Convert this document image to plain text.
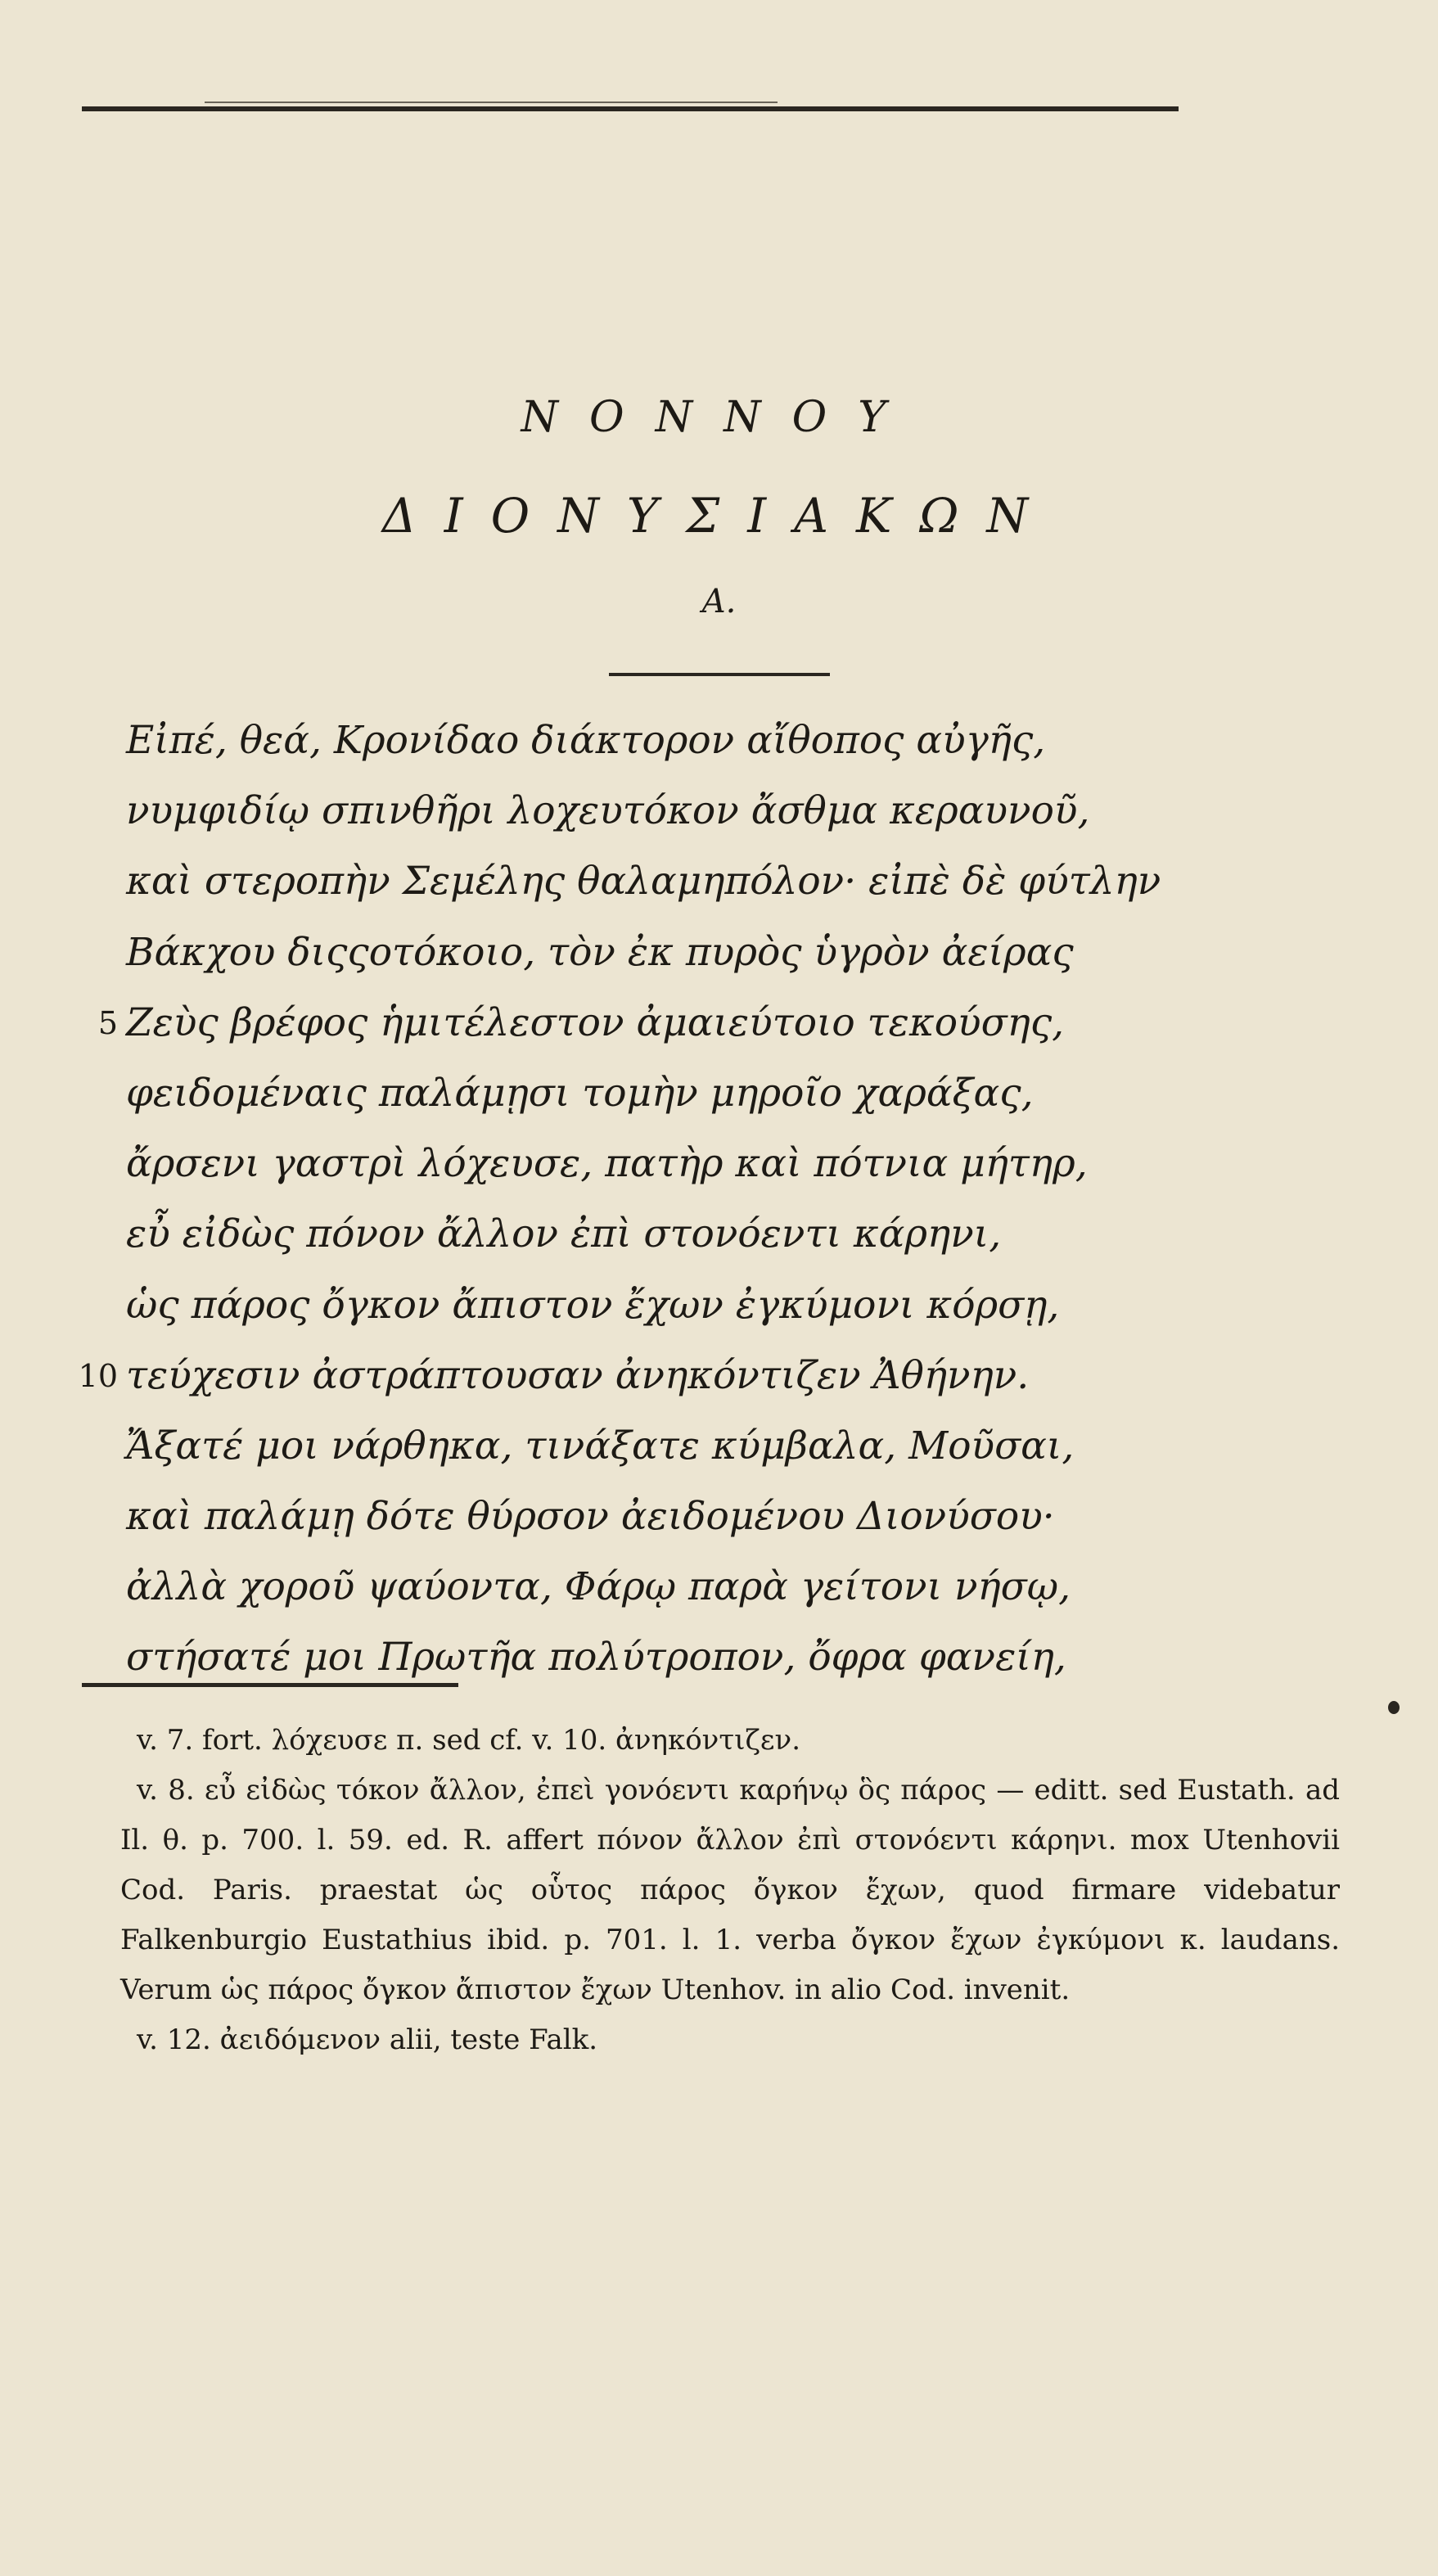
ΝΟΝΝΟΥ
ΔΙΟΝΥΣΙΑΚΩΝ
Α.
Εἰπέ, θεά, Κρονίδαο διάκτορον αἴθοπος αὐγῆς,
νυμφιδίῳ σπινθῆρι λοχευτόκον ἄσθμα κεραυνοῦ,
καὶ στεροπὴν Σεμέλης θαλαμηπόλον· εἰπὲ δὲ φύτλην
Βάκχου διςςοτόκοιο, τὸν ἐκ πυρὸς ὑγρὸν ἀείρας
5 Ζεὺς βρέφος ἡμιτέλεστον ἀμαιεύτοιο τεκούσης,
φειδομέναις παλάμῃσι τομὴν μηροῖο χαράξας,
ἄρσενι γαστρὶ λόχευσε, πατὴρ καὶ πότνια μήτηρ,
εὖ εἰδὼς πόνον ἄλλον ἐπὶ στονόεντι κάρηνι,
ὡς πάρος ὄγκον ἄπιστον ἔχων ἐγκύμονι κόρσῃ,
10 τεύχεσιν ἀστράπτουσαν ἀνηκόντιζεν Ἀθήνην.
Ἄξατέ μοι νάρθηκα, τινάξατε κύμβαλα, Μοῦσαι,
καὶ παλάμῃ δότε θύρσον ἀειδομένου Διονύσου·
ἀλλὰ χοροῦ ψαύοντα, Φάρῳ παρὰ γείτονι νήσῳ,
στήσατέ μοι Πρωτῆα πολύτροπον, ὄφρα φανείη,
v. 7. fort. λόχευσε π. sed cf. v. 10. ἀνηκόντιζεν.
v. 8. εὖ εἰδὼς τόκον ἄλλον, ἐπεὶ γονόεντι καρήνῳ ὃς πάρος — editt. sed Eustath. ad Il. θ. p. 700. l. 59. ed. R. affert πόνον ἄλλον ἐπὶ στονόεντι κάρηνι. mox Utenhovii Cod. Paris. praestat ὡς οὗτος πάρος ὄγκον ἔχων, quod firmare videbatur Falkenburgio Eustathius ibid. p. 701. l. 1. verba ὄγκον ἔχων ἐγκύμονι κ. laudans. Verum ὡς πάρος ὄγκον ἄπιστον ἔχων Utenhov. in alio Cod. invenit.
v. 12. ἀειδόμενον alii, teste Falk.
